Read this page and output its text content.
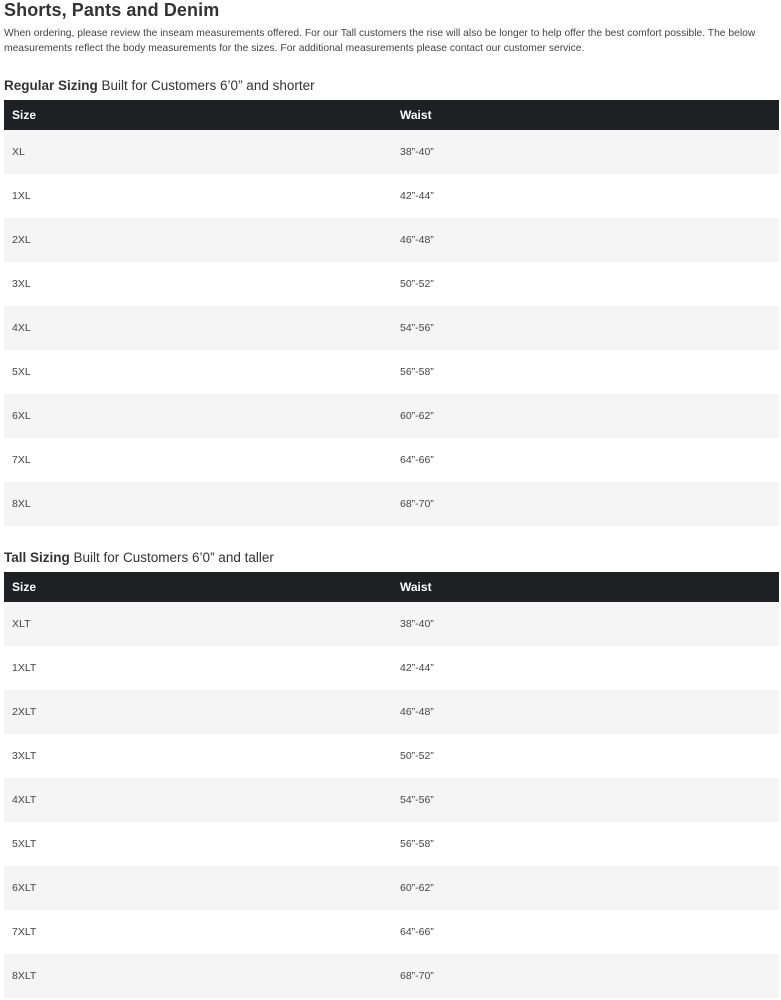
Shorts, Pants and Denim

When ordering, please review the inseam measurements offered. For our Tall customers the rise will also be longer to help offer the best comfort possible. The below measurements reflect the body measurements for the sizes. For additional measurements please contact our customer service.

Regular Sizing Built for Customers 6’0” and shorter
Size	Waist
XL	38”-40”
1XL	42”-44”
2XL	46”-48”
3XL	50”-52”
4XL	54”-56”
5XL	56”-58”
6XL	60”-62”
7XL	64”-66”
8XL	68”-70”
Tall Sizing Built for Customers 6’0” and taller
Size	Waist
XLT	38”-40”
1XLT	42”-44”
2XLT	46”-48”
3XLT	50”-52”
4XLT	54”-56”
5XLT	56”-58”
6XLT	60”-62”
7XLT	64”-66”
8XLT	68”-70”
